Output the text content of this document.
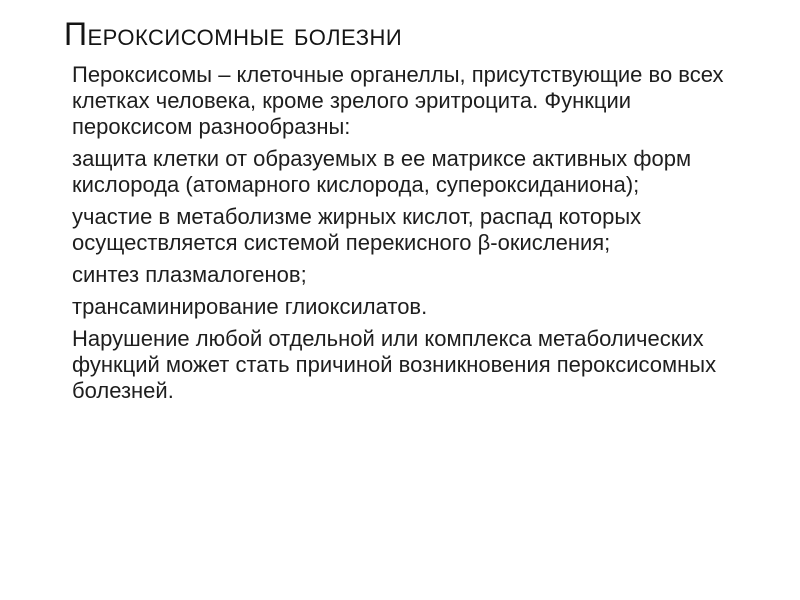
Пероксисомные болезни

Пероксисомы – клеточные органеллы, присутствующие во всех клетках человека, кроме зрелого эритроцита. Функции пероксисом разнообразны:

защита клетки от образуемых в ее матриксе активных форм кислорода (атомарного кислорода, супероксиданиона);

участие в метаболизме жирных кислот, распад которых осуществляется системой перекисного β-окисления;

синтез плазмалогенов;

трансаминирование глиоксилатов.

Нарушение любой отдельной или комплекса метаболических функций может стать причиной возникновения пероксисомных болезней.
